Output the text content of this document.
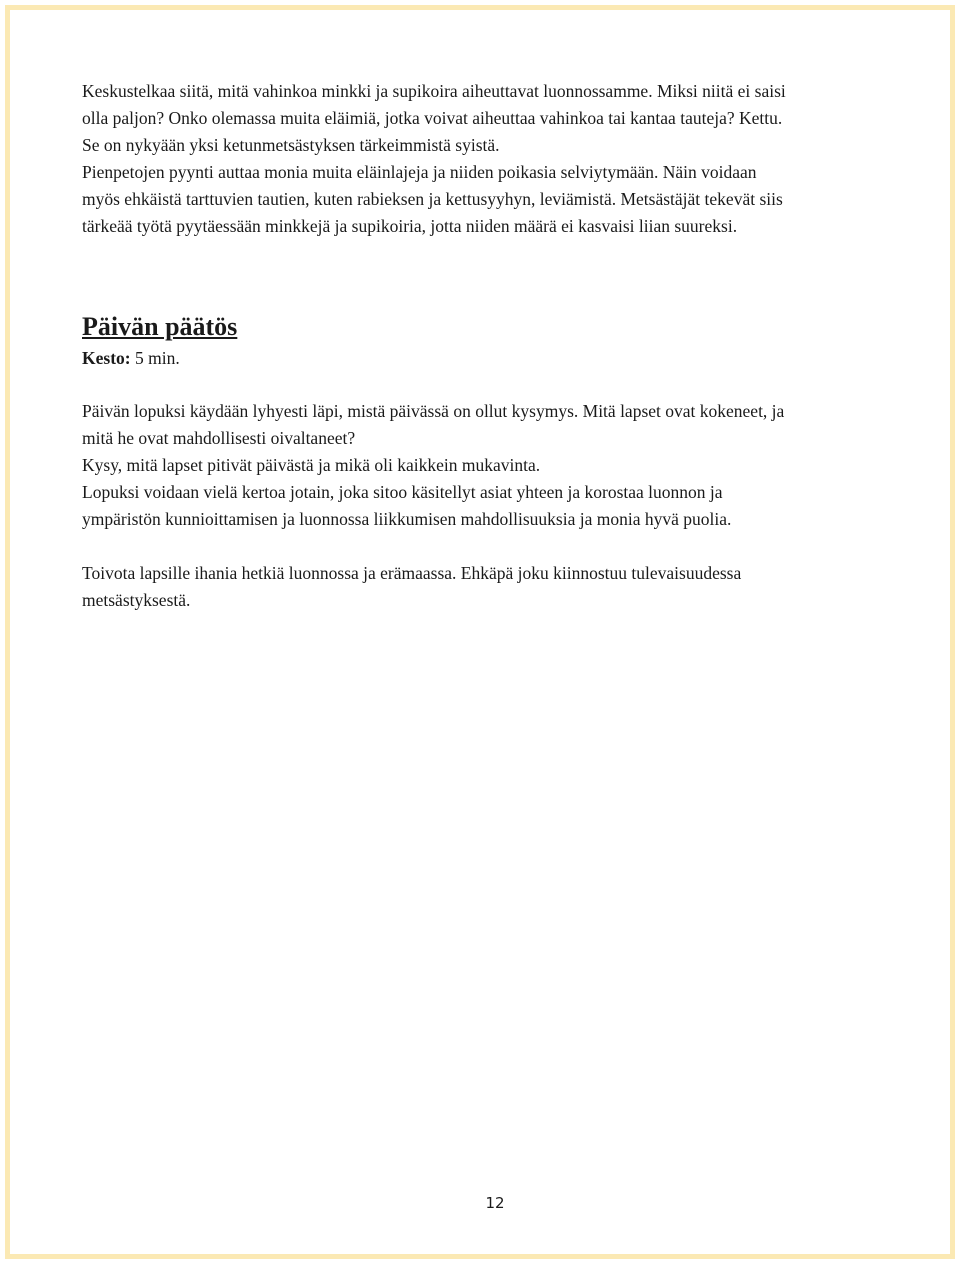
Keskustelkaa siitä, mitä vahinkoa minkki ja supikoira aiheuttavat luonnossamme. Miksi niitä ei saisi

olla paljon? Onko olemassa muita eläimiä, jotka voivat aiheuttaa vahinkoa tai kantaa tauteja? Kettu.

Se on nykyään yksi ketunmetsästyksen tärkeimmistä syistä.

Pienpetojen pyynti auttaa monia muita eläinlajeja ja niiden poikasia selviytymään. Näin voidaan

myös ehkäistä tarttuvien tautien, kuten rabieksen ja kettusyyhyn, leviämistä. Metsästäjät tekevät siis

tärkeää työtä pyytäessään minkkejä ja supikoiria, jotta niiden määrä ei kasvaisi liian suureksi.

Päivän päätös

Kesto: 5 min.

Päivän lopuksi käydään lyhyesti läpi, mistä päivässä on ollut kysymys. Mitä lapset ovat kokeneet, ja

mitä he ovat mahdollisesti oivaltaneet?

Kysy, mitä lapset pitivät päivästä ja mikä oli kaikkein mukavinta.

Lopuksi voidaan vielä kertoa jotain, joka sitoo käsitellyt asiat yhteen ja korostaa luonnon ja

ympäristön kunnioittamisen ja luonnossa liikkumisen mahdollisuuksia ja monia hyvä puolia.

Toivota lapsille ihania hetkiä luonnossa ja erämaassa. Ehkäpä joku kiinnostuu tulevaisuudessa

metsästyksestä.

12
